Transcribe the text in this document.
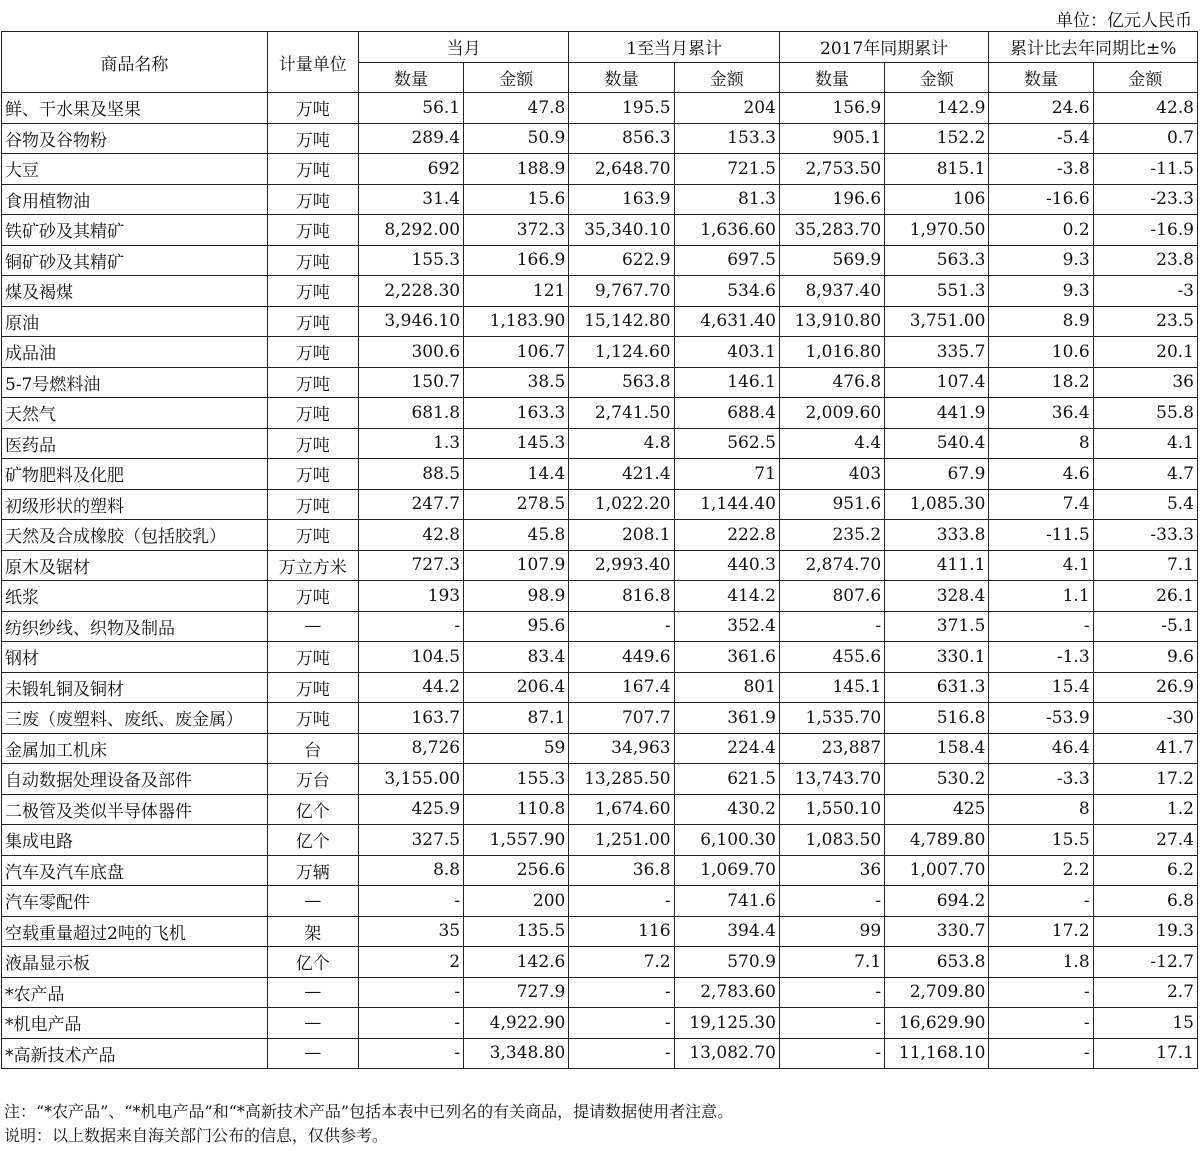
单位：亿元人民币
商品名称	计量单位	当月		1至当月累计		2017年同期累计		累计比去年同期比±%	
		数量	金额	数量	金额	数量	金额	数量	金额
鲜、干水果及坚果	万吨	56.1	47.8	195.5	204	156.9	142.9	24.6	42.8
谷物及谷物粉	万吨	289.4	50.9	856.3	153.3	905.1	152.2	-5.4	0.7
大豆	万吨	692	188.9	2,648.70	721.5	2,753.50	815.1	-3.8	-11.5
食用植物油	万吨	31.4	15.6	163.9	81.3	196.6	106	-16.6	-23.3
铁矿砂及其精矿	万吨	8,292.00	372.3	35,340.10	1,636.60	35,283.70	1,970.50	0.2	-16.9
铜矿砂及其精矿	万吨	155.3	166.9	622.9	697.5	569.9	563.3	9.3	23.8
煤及褐煤	万吨	2,228.30	121	9,767.70	534.6	8,937.40	551.3	9.3	-3
原油	万吨	3,946.10	1,183.90	15,142.80	4,631.40	13,910.80	3,751.00	8.9	23.5
成品油	万吨	300.6	106.7	1,124.60	403.1	1,016.80	335.7	10.6	20.1
5-7号燃料油	万吨	150.7	38.5	563.8	146.1	476.8	107.4	18.2	36
天然气	万吨	681.8	163.3	2,741.50	688.4	2,009.60	441.9	36.4	55.8
医药品	万吨	1.3	145.3	4.8	562.5	4.4	540.4	8	4.1
矿物肥料及化肥	万吨	88.5	14.4	421.4	71	403	67.9	4.6	4.7
初级形状的塑料	万吨	247.7	278.5	1,022.20	1,144.40	951.6	1,085.30	7.4	5.4
天然及合成橡胶（包括胶乳）	万吨	42.8	45.8	208.1	222.8	235.2	333.8	-11.5	-33.3
原木及锯材	万立方米	727.3	107.9	2,993.40	440.3	2,874.70	411.1	4.1	7.1
纸浆	万吨	193	98.9	816.8	414.2	807.6	328.4	1.1	26.1
纺织纱线、织物及制品	—	-	95.6	-	352.4	-	371.5	-	-5.1
钢材	万吨	104.5	83.4	449.6	361.6	455.6	330.1	-1.3	9.6
未锻轧铜及铜材	万吨	44.2	206.4	167.4	801	145.1	631.3	15.4	26.9
三废（废塑料、废纸、废金属）	万吨	163.7	87.1	707.7	361.9	1,535.70	516.8	-53.9	-30
金属加工机床	台	8,726	59	34,963	224.4	23,887	158.4	46.4	41.7
自动数据处理设备及部件	万台	3,155.00	155.3	13,285.50	621.5	13,743.70	530.2	-3.3	17.2
二极管及类似半导体器件	亿个	425.9	110.8	1,674.60	430.2	1,550.10	425	8	1.2
集成电路	亿个	327.5	1,557.90	1,251.00	6,100.30	1,083.50	4,789.80	15.5	27.4
汽车及汽车底盘	万辆	8.8	256.6	36.8	1,069.70	36	1,007.70	2.2	6.2
汽车零配件	—	-	200	-	741.6	-	694.2	-	6.8
空载重量超过2吨的飞机	架	35	135.5	116	394.4	99	330.7	17.2	19.3
液晶显示板	亿个	2	142.6	7.2	570.9	7.1	653.8	1.8	-12.7
*农产品	—	-	727.9	-	2,783.60	-	2,709.80	-	2.7
*机电产品	—	-	4,922.90	-	19,125.30	-	16,629.90	-	15
*高新技术产品	—	-	3,348.80	-	13,082.70	-	11,168.10	-	17.1
注：“*农产品”、“*机电产品”和“*高新技术产品”包括本表中已列名的有关商品，提请数据使用者注意。
说明：以上数据来自海关部门公布的信息，仅供参考。
